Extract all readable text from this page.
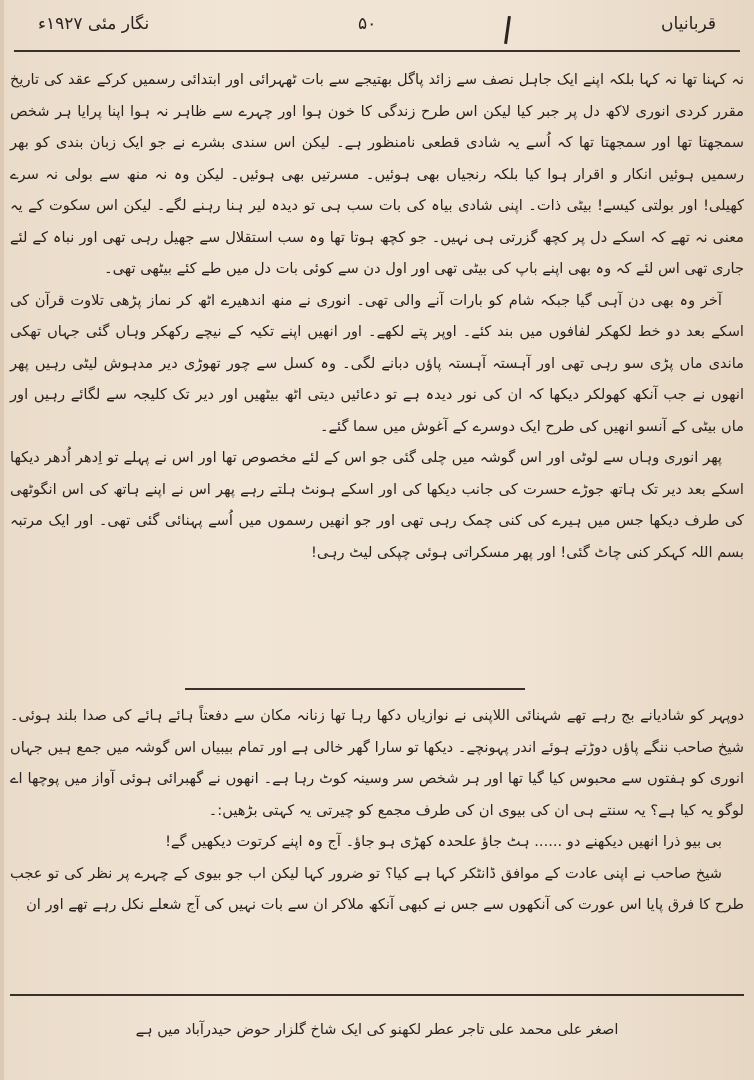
نگار مئی ۱۹۲۷ء	۵۰	قربانیاں

نہ کہنا تھا نہ کہا بلکہ اپنے ایک جاہل نصف سے زائد پاگل بھتیجے سے بات ٹھہرائی اور ابتدائی رسمیں کرکے عقد کی تاریخ مقرر کردی انوری لاکھ دل پر جبر کیا لیکن اس طرح زندگی کا خون ہوا اور چہرے سے ظاہر نہ ہوا اپنا پرایا ہر شخص سمجھتا تھا اور سمجھتا تھا کہ اُسے یہ شادی قطعی نامنظور ہے۔ لیکن اس سندی بشرے نے جو ایک زبان بندی کو بھر رسمیں ہوئیں انکار و اقرار ہوا کیا بلکہ رنجیاں بھی ہوئیں۔ مسرتیں بھی ہوئیں۔ لیکن وہ نہ منھ سے بولی نہ سرے کھیلی! اور بولتی کیسے! بیٹی ذات۔ اپنی شادی بیاہ کی بات سب ہی تو دیدہ لیر ہنا رہنے لگے۔ لیکن اس سکوت کے یہ معنی نہ تھے کہ اسکے دل پر کچھ گزرتی ہی نہیں۔ جو کچھ ہوتا تھا وہ سب استقلال سے جھیل رہی تھی اور نباہ کے لئے جاری تھی اس لئے کہ وہ بھی اپنے باپ کی بیٹی تھی اور اول دن سے کوئی بات دل میں طے کئے بیٹھی تھی۔

آخر وہ بھی دن آہی گیا جبکہ شام کو بارات آنے والی تھی۔ انوری نے منھ اندھیرے اٹھ کر نماز پڑھی تلاوت قرآن کی اسکے بعد دو خط لکھکر لفافوں میں بند کئے۔ اوپر پتے لکھے۔ اور انھیں اپنے تکیہ کے نیچے رکھکر وہاں گئی جہاں تھکی ماندی ماں پڑی سو رہی تھی اور آہستہ آہستہ پاؤں دبانے لگی۔ وہ کسل سے چور تھوڑی دیر مدہوش لیٹی رہیں پھر انھوں نے جب آنکھ کھولکر دیکھا کہ ان کی نور دیدہ ہے تو دعائیں دیتی اٹھ بیٹھیں اور دیر تک کلیجہ سے لگائے رہیں اور ماں بیٹی کے آنسو انھیں کی طرح ایک دوسرے کے آغوش میں سما گئے۔

پھر انوری وہاں سے لوٹی اور اس گوشہ میں چلی گئی جو اس کے لئے مخصوص تھا اور اس نے پہلے تو اِدھر اُدھر دیکھا اسکے بعد دیر تک ہاتھ جوڑے حسرت کی جانب دیکھا کی اور اسکے ہونٹ ہلتے رہے پھر اس نے اپنے ہاتھ کی اس انگوٹھی کی طرف دیکھا جس میں ہیرے کی کنی چمک رہی تھی اور جو انھیں رسموں میں اُسے پہنائی گئی تھی۔ اور ایک مرتبہ بسم اللہ کہکر کنی چاٹ گئی! اور پھر مسکراتی ہوئی چپکی لیٹ رہی!

دوپہر کو شادیانے بج رہے تھے شہنائی اللاپنی نے نوازیاں دکھا رہا تھا زنانہ مکان سے دفعتاً ہائے ہائے کی صدا بلند ہوئی۔ شیخ صاحب ننگے پاؤں دوڑتے ہوئے اندر پہونچے۔ دیکھا تو سارا گھر خالی ہے اور تمام بیبیاں اس گوشہ میں جمع ہیں جہاں انوری کو ہفتوں سے محبوس کیا گیا تھا اور ہر شخص سر وسینہ کوٹ رہا ہے۔ انھوں نے گھبرائی ہوئی آواز میں پوچھا اے لوگو یہ کیا ہے؟ یہ سنتے ہی ان کی بیوی ان کی طرف مجمع کو چیرتی یہ کہتی بڑھیں:۔

بی بیو ذرا انھیں دیکھنے دو ...... ہٹ جاؤ علحدہ کھڑی ہو جاؤ۔ آج وہ اپنے کرتوت دیکھیں گے!

شیخ صاحب نے اپنی عادت کے موافق ڈانٹکر کہا ہے کیا؟ تو ضرور کہا لیکن اب جو بیوی کے چہرے پر نظر کی تو عجب طرح کا فرق پایا اس عورت کی آنکھوں سے جس نے کبھی آنکھ ملاکر ان سے بات نہیں کی آج شعلے نکل رہے تھے اور ان

اصغر علی محمد علی تاجر عطر لکھنو کی ایک شاخ گلزار حوض حیدرآباد میں ہے
